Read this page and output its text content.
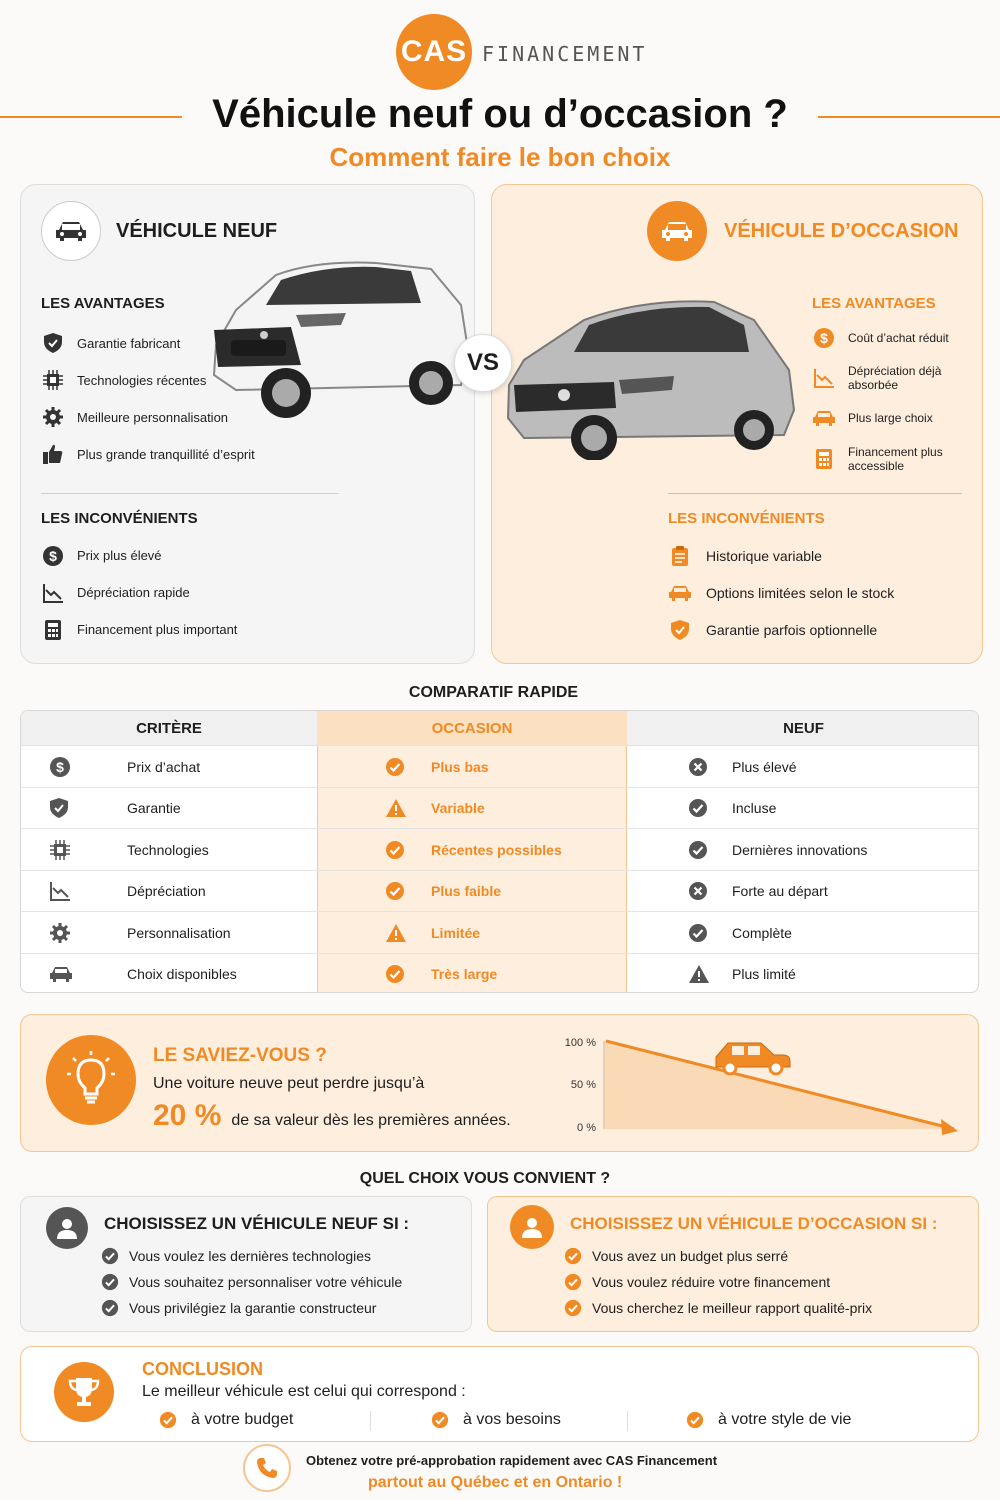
CAS FINANCEMENT
Véhicule neuf ou d’occasion ?
Comment faire le bon choix
VÉHICULE NEUF
LES AVANTAGES
Garantie fabricant
Technologies récentes
Meilleure personnalisation
Plus grande tranquillité d’esprit
LES INCONVÉNIENTS
$ Prix plus élevé
Dépréciation rapide
Financement plus important
VÉHICULE D’OCCASION
LES AVANTAGES
$ Coût d’achat réduit
Dépréciation déjà absorbée
Plus large choix
Financement plus accessible
LES INCONVÉNIENTS
Historique variable
Options limitées selon le stock
Garantie parfois optionnelle
VS
COMPARATIF RAPIDE
CRITÈRE	OCCASION	NEUF
$	Prix d’achat	Plus bas	Plus élevé
Garantie	Variable	Incluse
Technologies	Récentes possibles	Dernières innovations
Dépréciation	Plus faible	Forte au départ
Personnalisation	Limitée	Complète
Choix disponibles	Très large	Plus limité
LE SAVIEZ-VOUS ?
Une voiture neuve peut perdre jusqu’à
20 % de sa valeur dès les premières années.
100 %
50 %
0 %
QUEL CHOIX VOUS CONVIENT ?
CHOISISSEZ UN VÉHICULE NEUF SI :
Vous voulez les dernières technologies
Vous souhaitez personnaliser votre véhicule
Vous privilégiez la garantie constructeur
CHOISISSEZ UN VÉHICULE D’OCCASION SI :
Vous avez un budget plus serré
Vous voulez réduire votre financement
Vous cherchez le meilleur rapport qualité-prix
CONCLUSION
Le meilleur véhicule est celui qui correspond :
à votre budget	à vos besoins	à votre style de vie
Obtenez votre pré-approbation rapidement avec CAS Financement
partout au Québec et en Ontario !
